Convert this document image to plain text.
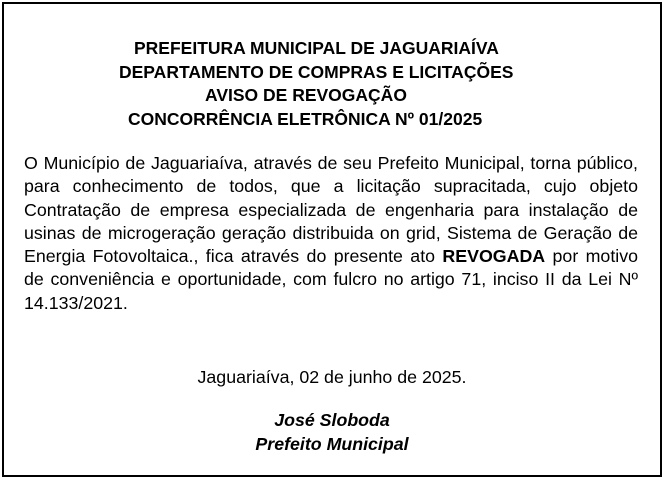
PREFEITURA MUNICIPAL DE JAGUARIAÍVA
DEPARTAMENTO DE COMPRAS E LICITAÇÕES
AVISO DE REVOGAÇÃO
CONCORRÊNCIA ELETRÔNICA Nº 01/2025
O Município de Jaguariaíva, através de seu Prefeito Municipal, torna público, para conhecimento de todos, que a licitação supracitada, cujo objeto Contratação de empresa especializada de engenharia para instalação de usinas de microgeração geração distribuida on grid, Sistema de Geração de Energia Fotovoltaica., fica através do presente ato REVOGADA por motivo de conveniência e oportunidade, com fulcro no artigo 71, inciso II da Lei Nº 14.133/2021.
Jaguariaíva, 02 de junho de 2025.
José Sloboda
Prefeito Municipal
